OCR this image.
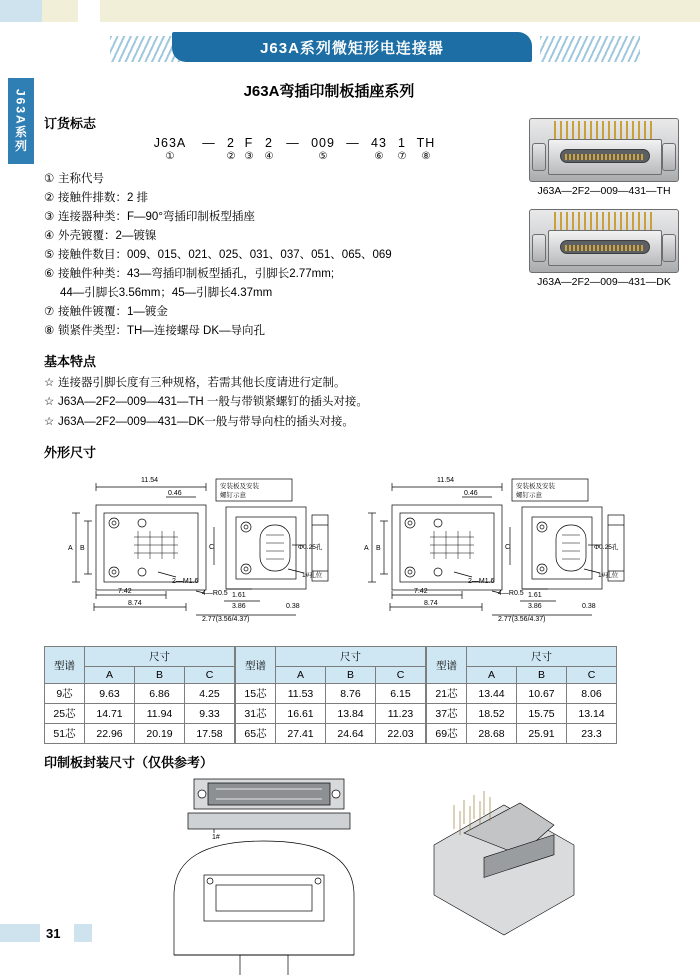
J63A系列微矩形电连接器
J63A系列
J63A—2F2—009—431—TH
J63A—2F2—009—431—DK
J63A弯插印制板插座系列
订货标志
J63A	— 2 F 2	— 009 — 43 1 TH
①	② ③	④	⑤	⑥	⑦	⑧
① 主称代号
② 接触件排数：2 排
③ 连接器种类：F—90°弯插印制板型插座
④ 外壳镀覆：2—镀镍
⑤ 接触件数目：009、015、021、025、031、037、051、065、069
⑥ 接触件种类：43—弯插印制板型插孔，引脚长2.77mm;
44—引脚长3.56mm；45—引脚长4.37mm
⑦ 接触件镀覆：1—镀金
⑧ 锁紧件类型：TH—连接螺母 DK—导向孔
基本特点
☆ 连接器引脚长度有三种规格，若需其他长度请进行定制。
☆ J63A—2F2—009—431—TH 一般与带锁紧螺钉的插头对接。
☆ J63A—2F2—009—431—DK一般与带导向柱的插头对接。
外形尺寸
11.54
0.46
A B	C
2—M1.6
7.42
8.74
安装板及安装
螺钉示意
Φ0.25孔
1#孔位
4—R0.5 1.61
3.86	0.38
2.77(3.56/4.37)
11.54
0.46
A B	C
2—M1.6
7.42
8.74
安装板及安装
螺钉示意
Φ0.25孔
1#孔位
4—R0.5 1.61
3.86	0.38
2.77(3.56/4.37)
型谱	尺寸		
	A	B	C
9芯	9.63	6.86	4.25
25芯	14.71	11.94	9.33
51芯	22.96	20.19	17.58
型谱	尺寸		
	A	B	C
15芯	11.53	8.76	6.15
31芯	16.61	13.84	11.23
65芯	27.41	24.64	22.03
型谱	尺寸		
	A	B	C
21芯	13.44	10.67	8.06
37芯	18.52	15.75	13.14
69芯	28.68	25.91	23.3
印制板封装尺寸（仅供参考）
1#
31
